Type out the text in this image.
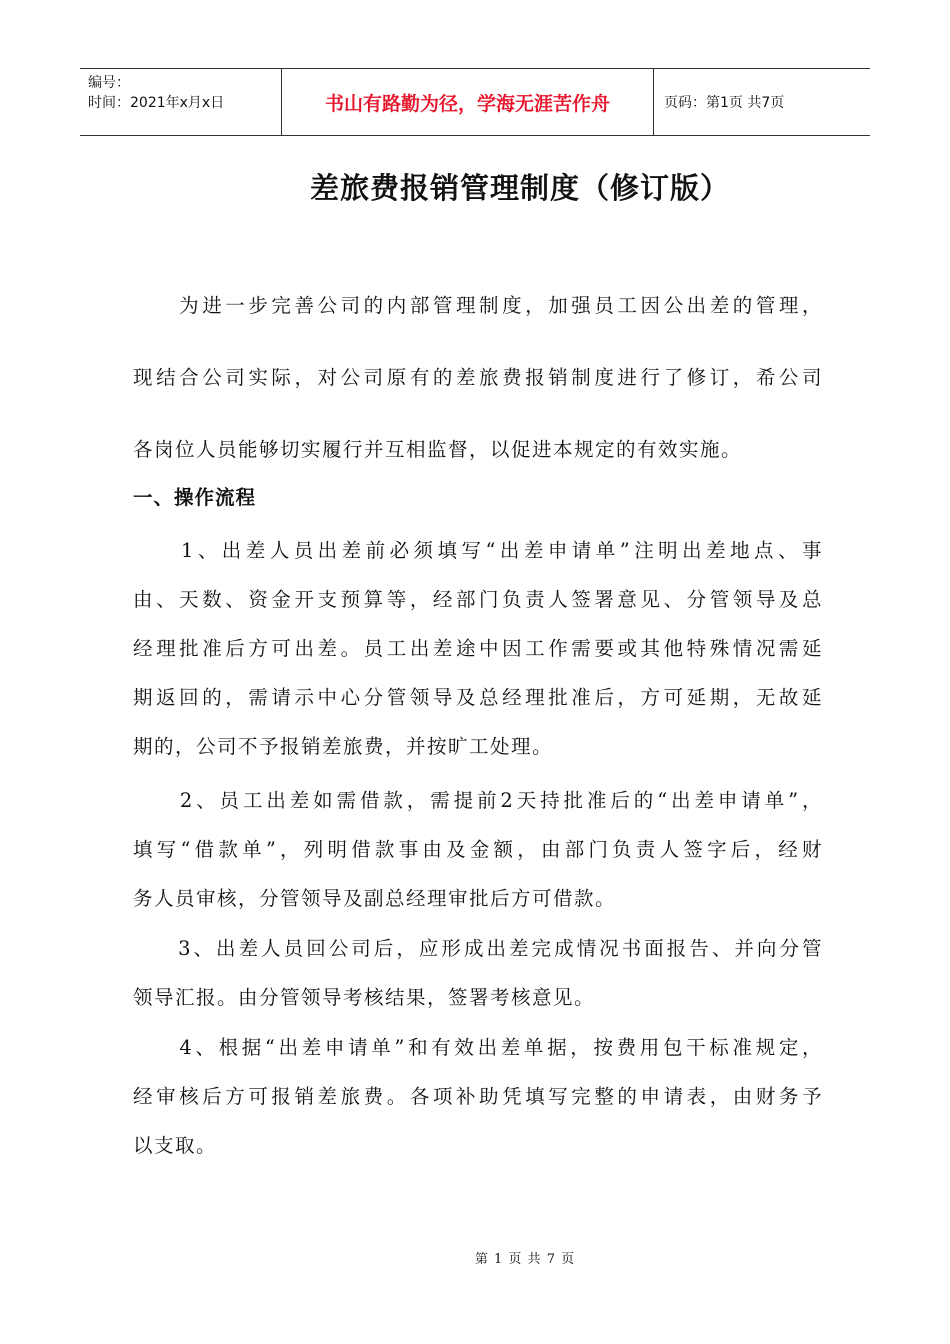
编号：
时间：2021年x月x日	书山有路勤为径，学海无涯苦作舟	页码：第1页 共7页
差旅费报销管理制度（修订版）
　　为进一步完善公司的内部管理制度，加强员工因公出差的管理，
现结合公司实际，对公司原有的差旅费报销制度进行了修订，希公司
各岗位人员能够切实履行并互相监督，以促进本规定的有效实施。
一、操作流程
　　1、出差人员出差前必须填写“出差申请单”注明出差地点、事
由、天数、资金开支预算等，经部门负责人签署意见、分管领导及总
经理批准后方可出差。员工出差途中因工作需要或其他特殊情况需延
期返回的，需请示中心分管领导及总经理批准后，方可延期，无故延
期的，公司不予报销差旅费，并按旷工处理。
　　2、员工出差如需借款，需提前2天持批准后的“出差申请单”，
填写“借款单”，列明借款事由及金额，由部门负责人签字后，经财
务人员审核，分管领导及副总经理审批后方可借款。
　　3、出差人员回公司后，应形成出差完成情况书面报告、并向分管
领导汇报。由分管领导考核结果，签署考核意见。
　　4、根据“出差申请单”和有效出差单据，按费用包干标准规定，
经审核后方可报销差旅费。各项补助凭填写完整的申请表，由财务予
以支取。
第 1 页 共 7 页
